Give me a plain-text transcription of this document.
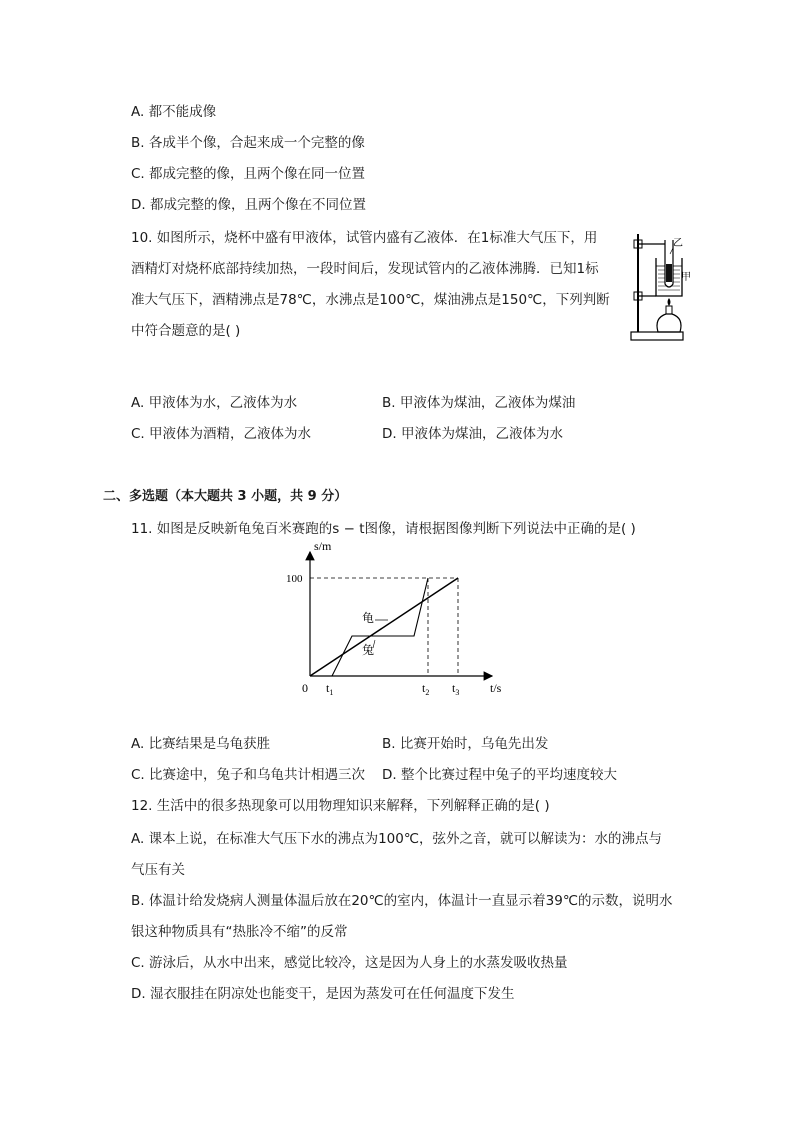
A. 都不能成像
B. 各成半个像，合起来成一个完整的像
C. 都成完整的像，且两个像在同一位置
D. 都成完整的像，且两个像在不同位置
10. 如图所示，烧杯中盛有甲液体，试管内盛有乙液体．在1标准大气压下，用
酒精灯对烧杯底部持续加热，一段时间后，发现试管内的乙液体沸腾．已知1标
准大气压下，酒精沸点是78℃，水沸点是100℃，煤油沸点是150℃，下列判断
中符合题意的是( )
乙
甲
A. 甲液体为水，乙液体为水	B. 甲液体为煤油，乙液体为煤油
C. 甲液体为酒精，乙液体为水	D. 甲液体为煤油，乙液体为水
二、多选题（本大题共 3 小题，共 9 分）
11. 如图是反映新龟兔百米赛跑的s − t图像，请根据图像判断下列说法中正确的是( )
s/m
t/s
100
0
龟
兔
$t_1$	$t_2$ $t_3$
A. 比赛结果是乌龟获胜	B. 比赛开始时，乌龟先出发
C. 比赛途中，兔子和乌龟共计相遇三次 D. 整个比赛过程中兔子的平均速度较大
12. 生活中的很多热现象可以用物理知识来解释，下列解释正确的是( )
A. 课本上说，在标准大气压下水的沸点为100℃，弦外之音，就可以解读为：水的沸点与
气压有关
B. 体温计给发烧病人测量体温后放在20℃的室内，体温计一直显示着39℃的示数，说明水
银这种物质具有“热胀冷不缩”的反常
C. 游泳后，从水中出来，感觉比较冷，这是因为人身上的水蒸发吸收热量
D. 湿衣服挂在阴凉处也能变干，是因为蒸发可在任何温度下发生
